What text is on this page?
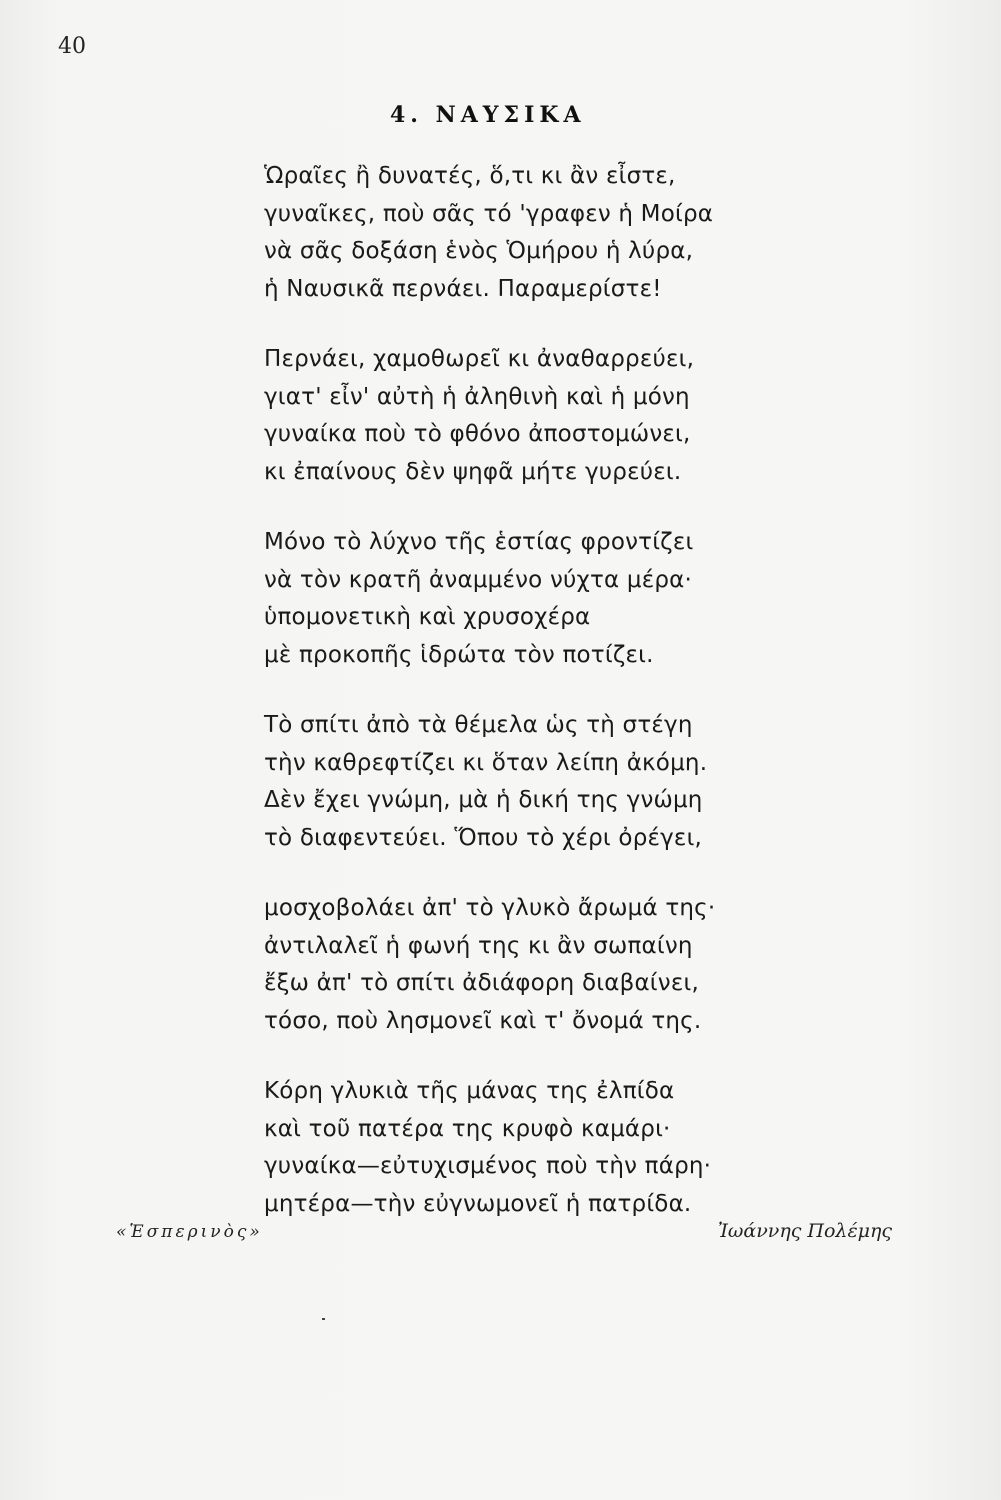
40
4. ΝΑΥΣΙΚΑ
Ὡραῖες ἢ δυνατές, ὅ,τι κι ἂν εἶστε,
γυναῖκες, ποὺ σᾶς τό 'γραφεν ἡ Μοίρα
νὰ σᾶς δοξάση ἑνὸς Ὁμήρου ἡ λύρα,
ἡ Ναυσικᾶ περνάει. Παραμερίστε!
Περνάει, χαμοθωρεῖ κι ἀναθαρρεύει,
γιατ' εἶν' αὐτὴ ἡ ἀληθινὴ καὶ ἡ μόνη
γυναίκα ποὺ τὸ φθόνο ἀποστομώνει,
κι ἐπαίνους δὲν ψηφᾶ μήτε γυρεύει.
Μόνο τὸ λύχνο τῆς ἑστίας φροντίζει
νὰ τὸν κρατῆ ἀναμμένο νύχτα μέρα·
ὑπομονετικὴ καὶ χρυσοχέρα
μὲ προκοπῆς ἱδρώτα τὸν ποτίζει.
Τὸ σπίτι ἀπὸ τὰ θέμελα ὡς τὴ στέγη
τὴν καθρεφτίζει κι ὅταν λείπη ἀκόμη.
Δὲν ἔχει γνώμη, μὰ ἡ δική της γνώμη
τὸ διαφεντεύει. Ὅπου τὸ χέρι ὀρέγει,
μοσχοβολάει ἀπ' τὸ γλυκὸ ἄρωμά της·
ἀντιλαλεῖ ἡ φωνή της κι ἂν σωπαίνη
ἔξω ἀπ' τὸ σπίτι ἀδιάφορη διαβαίνει,
τόσο, ποὺ λησμονεῖ καὶ τ' ὄνομά της.
Κόρη γλυκιὰ τῆς μάνας της ἐλπίδα
καὶ τοῦ πατέρα της κρυφὸ καμάρι·
γυναίκα—εὐτυχισμένος ποὺ τὴν πάρη·
μητέρα—τὴν εὐγνωμονεῖ ἡ πατρίδα.
«Ἑσπερινὸς»	Ἰωάννης Πολέμης
